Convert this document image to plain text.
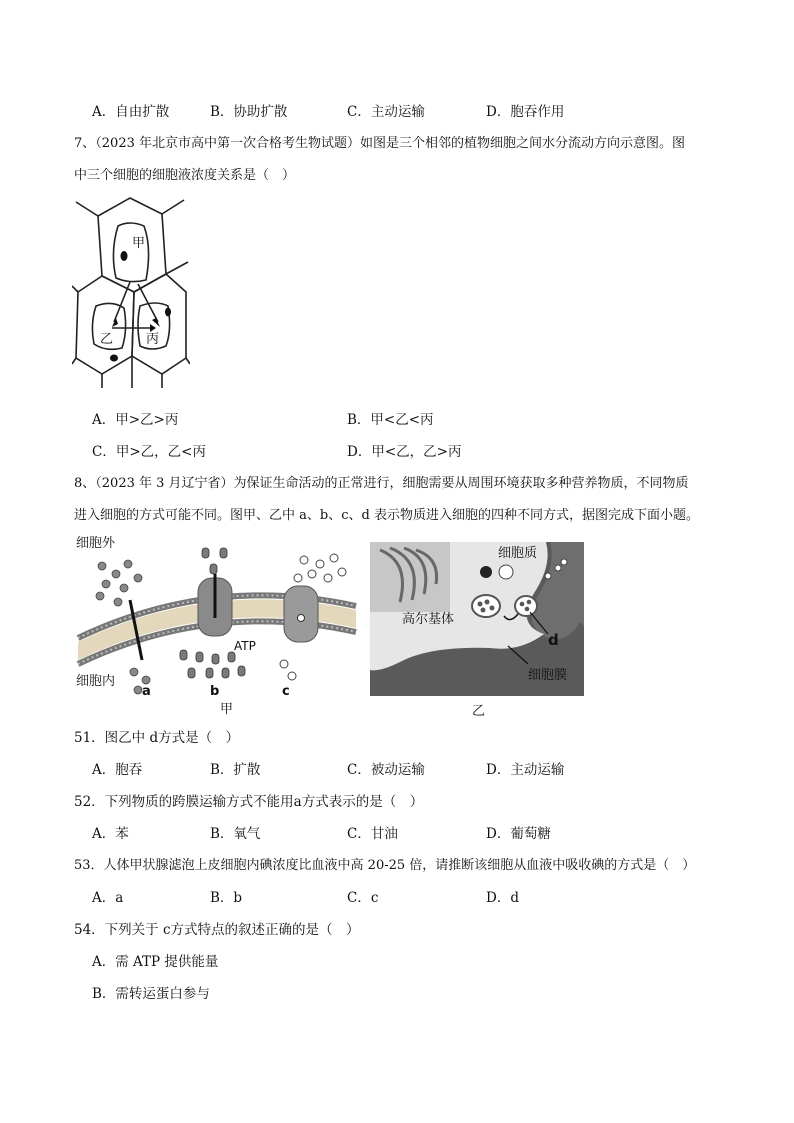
A．自由扩散	B．协助扩散	C．主动运输	D．胞吞作用
7、（2023 年北京市高中第一次合格考生物试题）如图是三个相邻的植物细胞之间水分流动方向示意图。图
中三个细胞的细胞液浓度关系是（　）
甲
乙	丙
A．甲>乙>丙	B．甲<乙<丙
C．甲>乙，乙<丙	D．甲<乙，乙>丙
8、（2023 年 3 月辽宁省）为保证生命活动的正常进行，细胞需要从周围环境获取多种营养物质，不同物质
进入细胞的方式可能不同。图甲、乙中 a、b、c、d 表示物质进入细胞的四种不同方式，据图完成下面小题。
细胞外
细胞内
ATP
a	b	c
甲
细胞质
高尔基体
d
细胞膜
乙
51．图乙中 d方式是（　）
A．胞吞	B．扩散	C．被动运输	D．主动运输
52．下列物质的跨膜运输方式不能用a方式表示的是（　）
A．苯	B．氧气	C．甘油	D．葡萄糖
53．人体甲状腺滤泡上皮细胞内碘浓度比血液中高 20-25 倍，请推断该细胞从血液中吸收碘的方式是（　）
A．a	B．b	C．c	D．d
54．下列关于 c方式特点的叙述正确的是（　）
A．需 ATP 提供能量
B．需转运蛋白参与
